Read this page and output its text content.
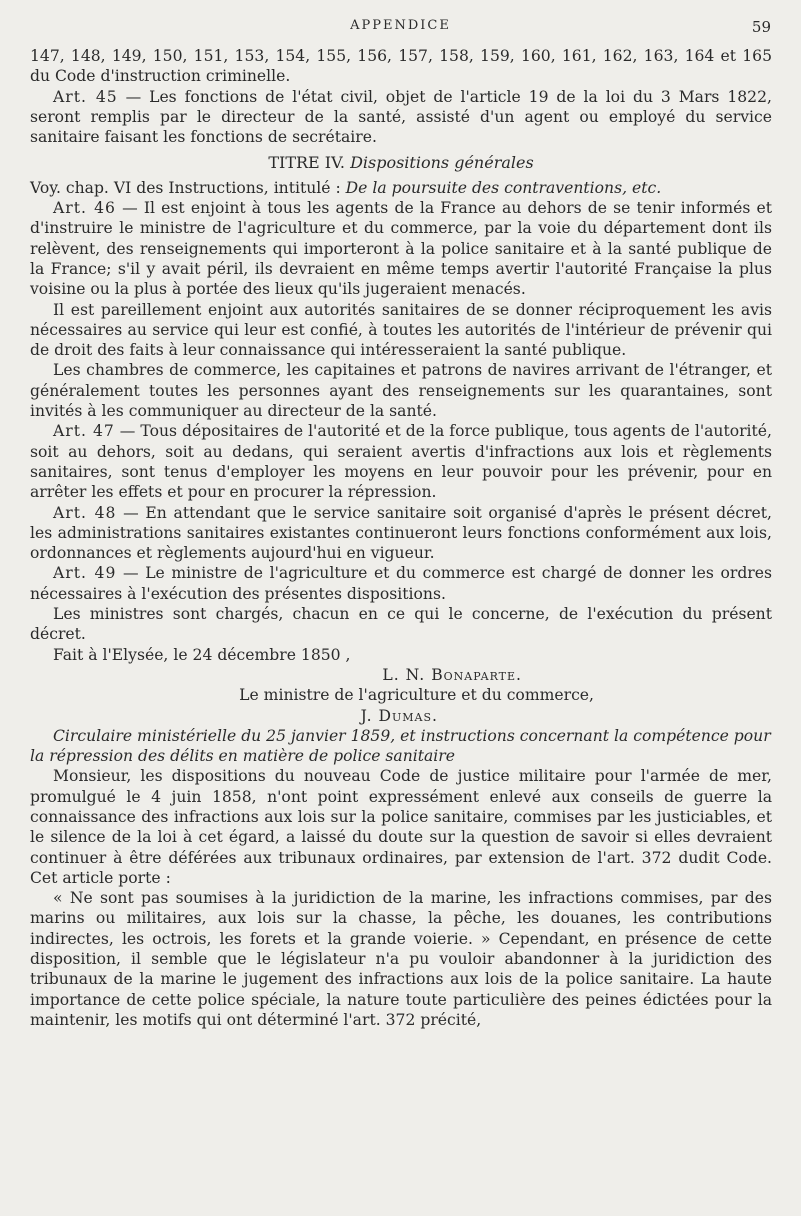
APPENDICE	59

147, 148, 149, 150, 151, 153, 154, 155, 156, 157, 158, 159, 160, 161, 162, 163, 164 et 165 du Code d'instruction criminelle.

Art. 45 — Les fonctions de l'état civil, objet de l'article 19 de la loi du 3 Mars 1822, seront remplis par le directeur de la santé, assisté d'un agent ou employé du service sanitaire faisant les fonctions de secrétaire.

TITRE IV. Dispositions générales

Voy. chap. VI des Instructions, intitulé : De la poursuite des contraventions, etc.

Art. 46 — Il est enjoint à tous les agents de la France au dehors de se tenir informés et d'instruire le ministre de l'agriculture et du commerce, par la voie du département dont ils relèvent, des renseignements qui importeront à la police sanitaire et à la santé publique de la France; s'il y avait péril, ils devraient en même temps avertir l'autorité Française la plus voisine ou la plus à portée des lieux qu'ils jugeraient menacés.

Il est pareillement enjoint aux autorités sanitaires de se donner réciproquement les avis nécessaires au service qui leur est confié, à toutes les autorités de l'intérieur de prévenir qui de droit des faits à leur connaissance qui intéresseraient la santé publique.

Les chambres de commerce, les capitaines et patrons de navires arrivant de l'étranger, et généralement toutes les personnes ayant des renseignements sur les quarantaines, sont invités à les communiquer au directeur de la santé.

Art. 47 — Tous dépositaires de l'autorité et de la force publique, tous agents de l'autorité, soit au dehors, soit au dedans, qui seraient avertis d'infractions aux lois et règlements sanitaires, sont tenus d'employer les moyens en leur pouvoir pour les prévenir, pour en arrêter les effets et pour en procurer la répression.

Art. 48 — En attendant que le service sanitaire soit organisé d'après le présent décret, les administrations sanitaires existantes continueront leurs fonctions conformément aux lois, ordonnances et règlements aujourd'hui en vigueur.

Art. 49 — Le ministre de l'agriculture et du commerce est chargé de donner les ordres nécessaires à l'exécution des présentes dispositions.

Les ministres sont chargés, chacun en ce qui le concerne, de l'exécution du présent décret.

Fait à l'Elysée, le 24 décembre 1850 ,

L. N. Bonaparte.

Le ministre de l'agriculture et du commerce,

J. Dumas.

Circulaire ministérielle du 25 janvier 1859, et instructions concernant la compétence pour la répression des délits en matière de police sanitaire

Monsieur, les dispositions du nouveau Code de justice militaire pour l'armée de mer, promulgué le 4 juin 1858, n'ont point expressément enlevé aux conseils de guerre la connaissance des infractions aux lois sur la police sanitaire, commises par les justiciables, et le silence de la loi à cet égard, a laissé du doute sur la question de savoir si elles devraient continuer à être déférées aux tribunaux ordinaires, par extension de l'art. 372 dudit Code. Cet article porte :

« Ne sont pas soumises à la juridiction de la marine, les infractions commises, par des marins ou militaires, aux lois sur la chasse, la pêche, les douanes, les contributions indirectes, les octrois, les forets et la grande voierie. » Cependant, en présence de cette disposition, il semble que le législateur n'a pu vouloir abandonner à la juridiction des tribunaux de la marine le jugement des infractions aux lois de la police sanitaire. La haute importance de cette police spéciale, la nature toute particulière des peines édictées pour la maintenir, les motifs qui ont déterminé l'art. 372 précité,
